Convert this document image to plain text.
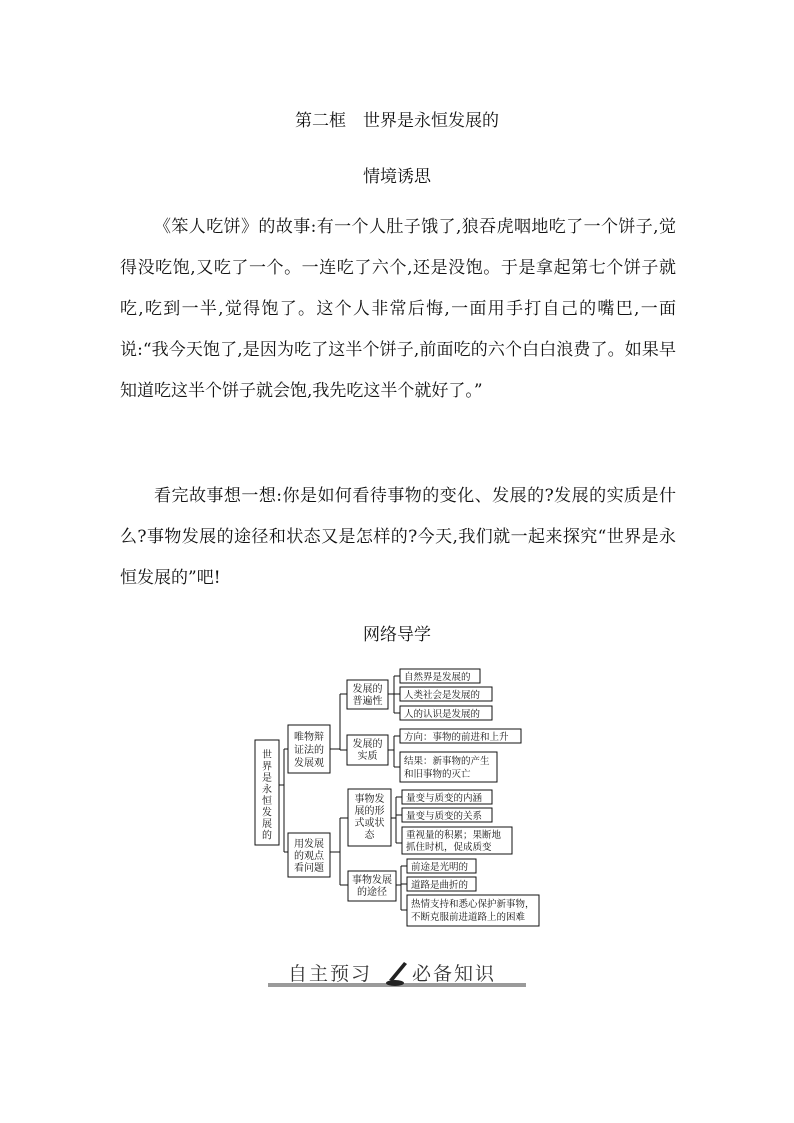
第二框　世界是永恒发展的
情境诱思

《笨人吃饼》的故事:有一个人肚子饿了,狼吞虎咽地吃了一个饼子,觉得没吃饱,又吃了一个。一连吃了六个,还是没饱。于是拿起第七个饼子就吃,吃到一半,觉得饱了。这个人非常后悔,一面用手打自己的嘴巴,一面说:“我今天饱了,是因为吃了这半个饼子,前面吃的六个白白浪费了。如果早知道吃这半个饼子就会饱,我先吃这半个就好了。”

看完故事想一想:你是如何看待事物的变化、发展的?发展的实质是什么?事物发展的途径和状态又是怎样的?今天,我们就一起来探究“世界是永恒发展的”吧!

网络导学
世
界
是
永
恒
发
展
的
唯物辩
证法的
发展观
用发展
的观点
看问题
发展的
普遍性
发展的
实质
事物发
展的形
式或状
态
事物发展
的途径
自然界是发展的
人类社会是发展的
人的认识是发展的
方向：事物的前进和上升
结果：新事物的产生
和旧事物的灭亡
量变与质变的内涵
量变与质变的关系
重视量的积累；果断地
抓住时机，促成质变
前途是光明的
道路是曲折的
热情支持和悉心保护新事物，
不断克服前进道路上的困难
自主预习 必备知识
